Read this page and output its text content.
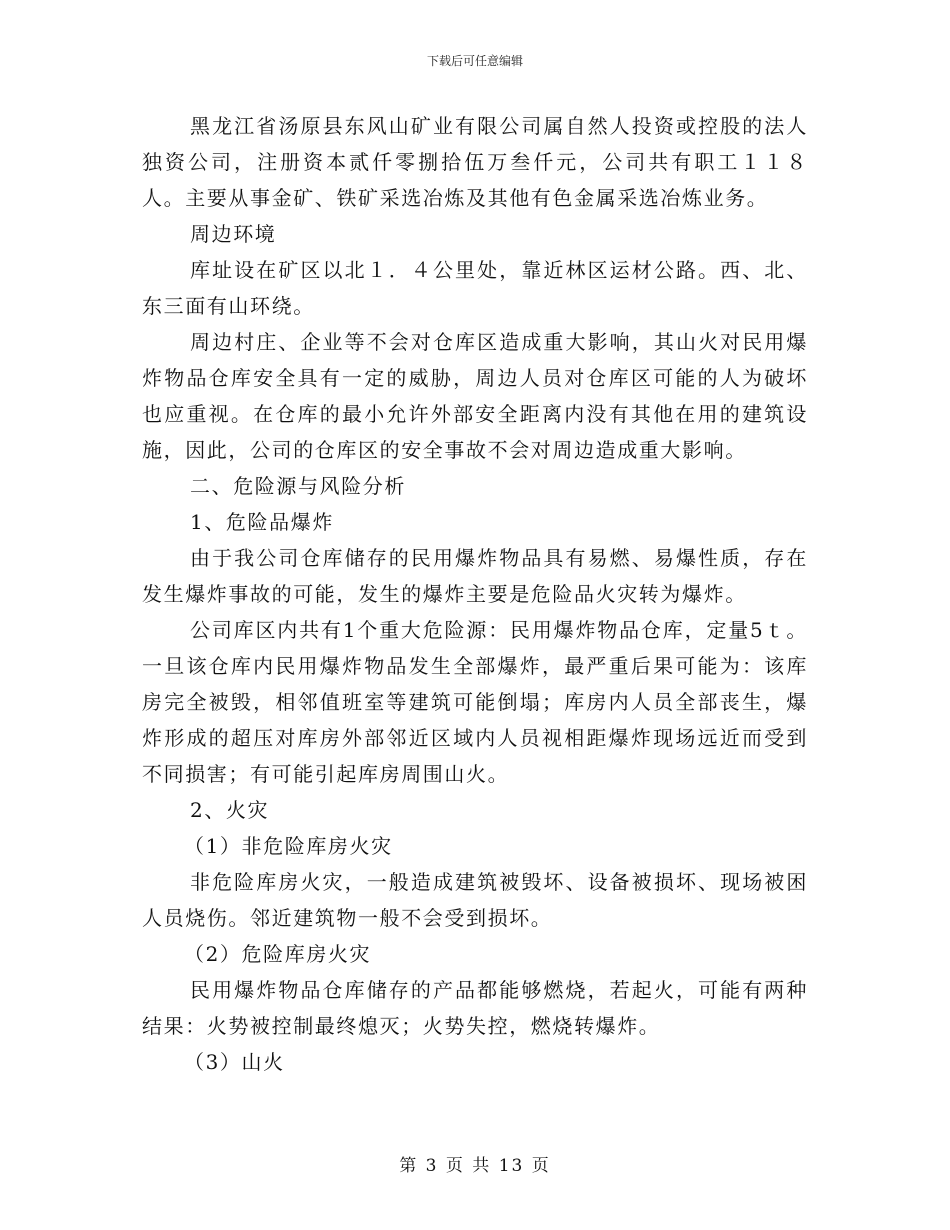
下载后可任意编辑

黑龙江省汤原县东风山矿业有限公司属自然人投资或控股的法人独资公司，注册资本贰仟零捌拾伍万叁仟元，公司共有职工１１８人。主要从事金矿、铁矿采选冶炼及其他有色金属采选冶炼业务。

周边环境

库址设在矿区以北１．４公里处，靠近林区运材公路。西、北、东三面有山环绕。

周边村庄、企业等不会对仓库区造成重大影响，其山火对民用爆炸物品仓库安全具有一定的威胁，周边人员对仓库区可能的人为破坏也应重视。在仓库的最小允许外部安全距离内没有其他在用的建筑设施，因此，公司的仓库区的安全事故不会对周边造成重大影响。

二、危险源与风险分析

1、危险品爆炸

由于我公司仓库储存的民用爆炸物品具有易燃、易爆性质，存在发生爆炸事故的可能，发生的爆炸主要是危险品火灾转为爆炸。

公司库区内共有1个重大危险源：民用爆炸物品仓库，定量5ｔ。一旦该仓库内民用爆炸物品发生全部爆炸，最严重后果可能为：该库房完全被毁，相邻值班室等建筑可能倒塌；库房内人员全部丧生，爆炸形成的超压对库房外部邻近区域内人员视相距爆炸现场远近而受到不同损害；有可能引起库房周围山火。

2、火灾

（1）非危险库房火灾

非危险库房火灾，一般造成建筑被毁坏、设备被损坏、现场被困人员烧伤。邻近建筑物一般不会受到损坏。

（2）危险库房火灾

民用爆炸物品仓库储存的产品都能够燃烧，若起火，可能有两种结果：火势被控制最终熄灭；火势失控，燃烧转爆炸。

（3）山火

第 3 页 共 13 页
